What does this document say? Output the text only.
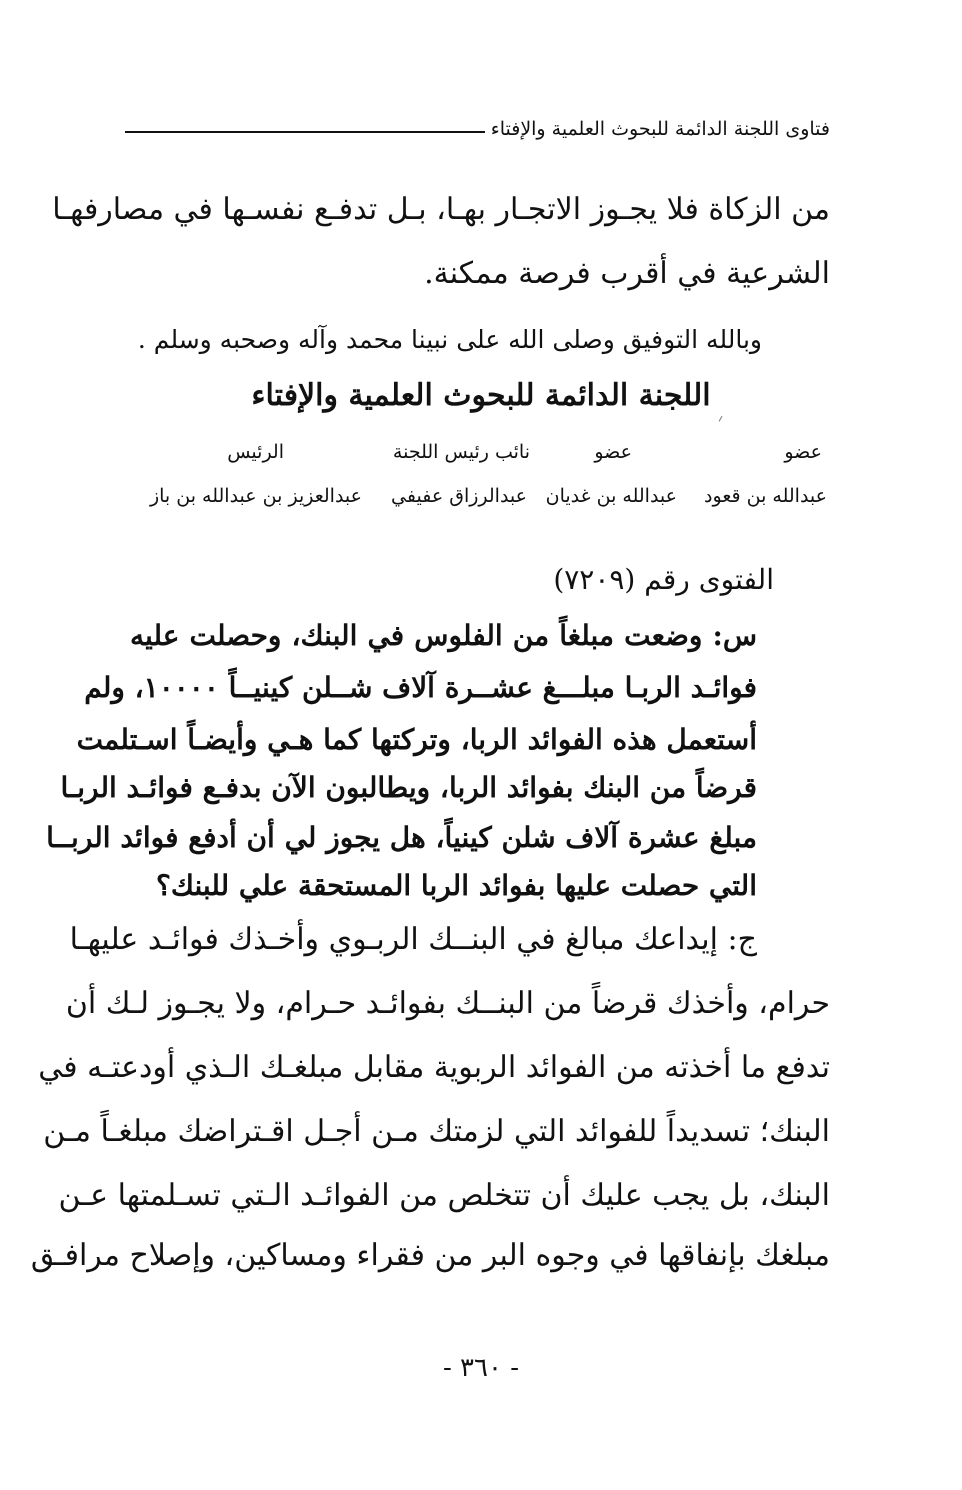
فتاوى اللجنة الدائمة للبحوث العلمية والإفتاء
من الزكاة فلا يجـوز الاتجـار بهـا، بـل تدفـع نفسـها في مصارفهـا
الشرعية في أقرب فرصة ممكنة.
وبالله التوفيق وصلى الله على نبينا محمد وآله وصحبه وسلم .
اللجنة الدائمة للبحوث العلمية والإفتاء
عضو
عضو
نائب رئيس اللجنة
الرئيس
عبدالله بن قعود
عبدالله بن غديان
عبدالرزاق عفيفي
عبدالعزيز بن عبدالله بن باز
الفتوى رقم (٧٢٠٩)
س: وضعت مبلغاً من الفلوس في البنك، وحصلت عليه
فوائـد الربـا مبلـــغ عشــرة آلاف شــلن كينيــاً ١٠٠٠٠، ولم
أستعمل هذه الفوائد الربا، وتركتها كما هـي وأيضـاً اسـتلمت
قرضاً من البنك بفوائد الربا، ويطالبون الآن بدفـع فوائـد الربـا
مبلغ عشرة آلاف شلن كينياً، هل يجوز لي أن أدفع فوائد الربــا
التي حصلت عليها بفوائد الربا المستحقة علي للبنك؟
ج: إيداعك مبالغ في البنــك الربـوي وأخـذك فوائـد عليهـا
حرام، وأخذك قرضاً من البنــك بفوائـد حـرام، ولا يجـوز لـك أن
تدفع ما أخذته من الفوائد الربوية مقابل مبلغـك الـذي أودعتـه في
البنك؛ تسديداً للفوائد التي لزمتك مـن أجـل اقـتراضك مبلغـاً مـن
البنك، بل يجب عليك أن تتخلص من الفوائـد الـتي تسـلمتها عـن
مبلغك بإنفاقها في وجوه البر من فقراء ومساكين، وإصلاح مرافـق
- ٣٦٠ -
